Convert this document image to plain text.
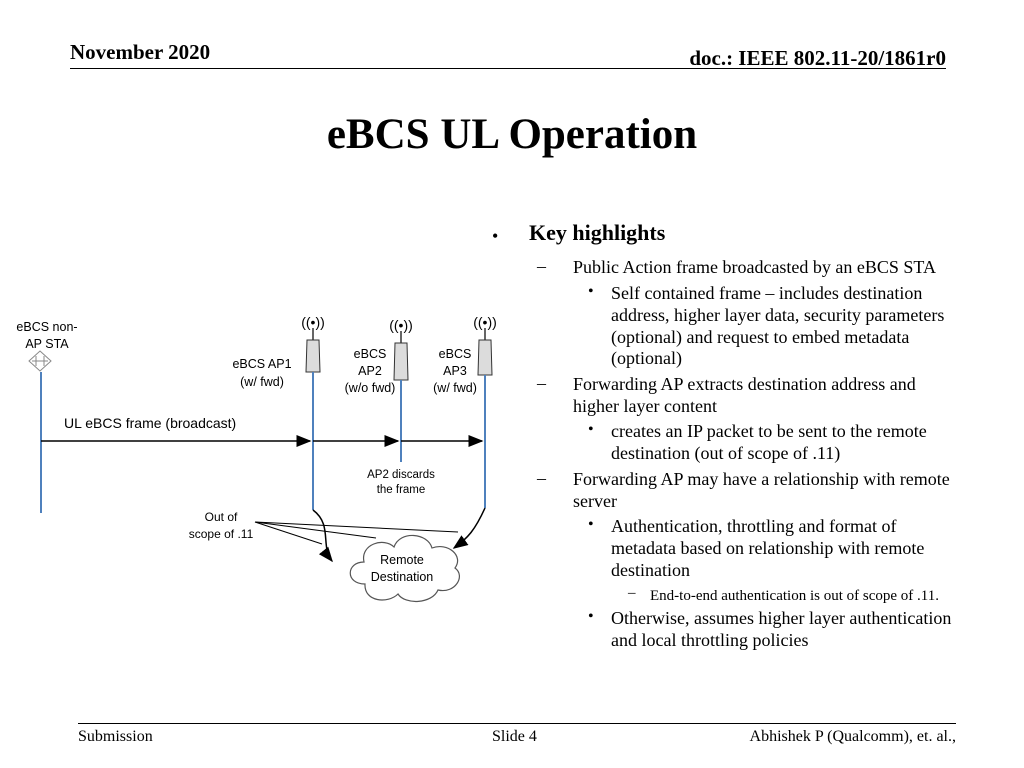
November 2020	doc.: IEEE 802.11-20/1861r0
eBCS UL Operation
eBCS non-
AP STA
((•))
eBCS AP1
(w/ fwd)
((•))
eBCS
AP2
(w/o fwd)
((•))
eBCS
AP3
(w/ fwd)
UL eBCS frame (broadcast)
AP2 discards
the frame
Out of
scope of .11
Remote
Destination
• Key highlights
– Public Action frame broadcasted by an eBCS STA
• Self contained frame – includes destination
address, higher layer data, security parameters
(optional) and request to embed metadata
(optional)
– Forwarding AP extracts destination address and
higher layer content
• creates an IP packet to be sent to the remote
destination (out of scope of .11)
– Forwarding AP may have a relationship with remote
server
• Authentication, throttling and format of
metadata based on relationship with remote
destination
– End-to-end authentication is out of scope of .11.
• Otherwise, assumes higher layer authentication
and local throttling policies
Submission	Slide 4	Abhishek P (Qualcomm), et. al.,
